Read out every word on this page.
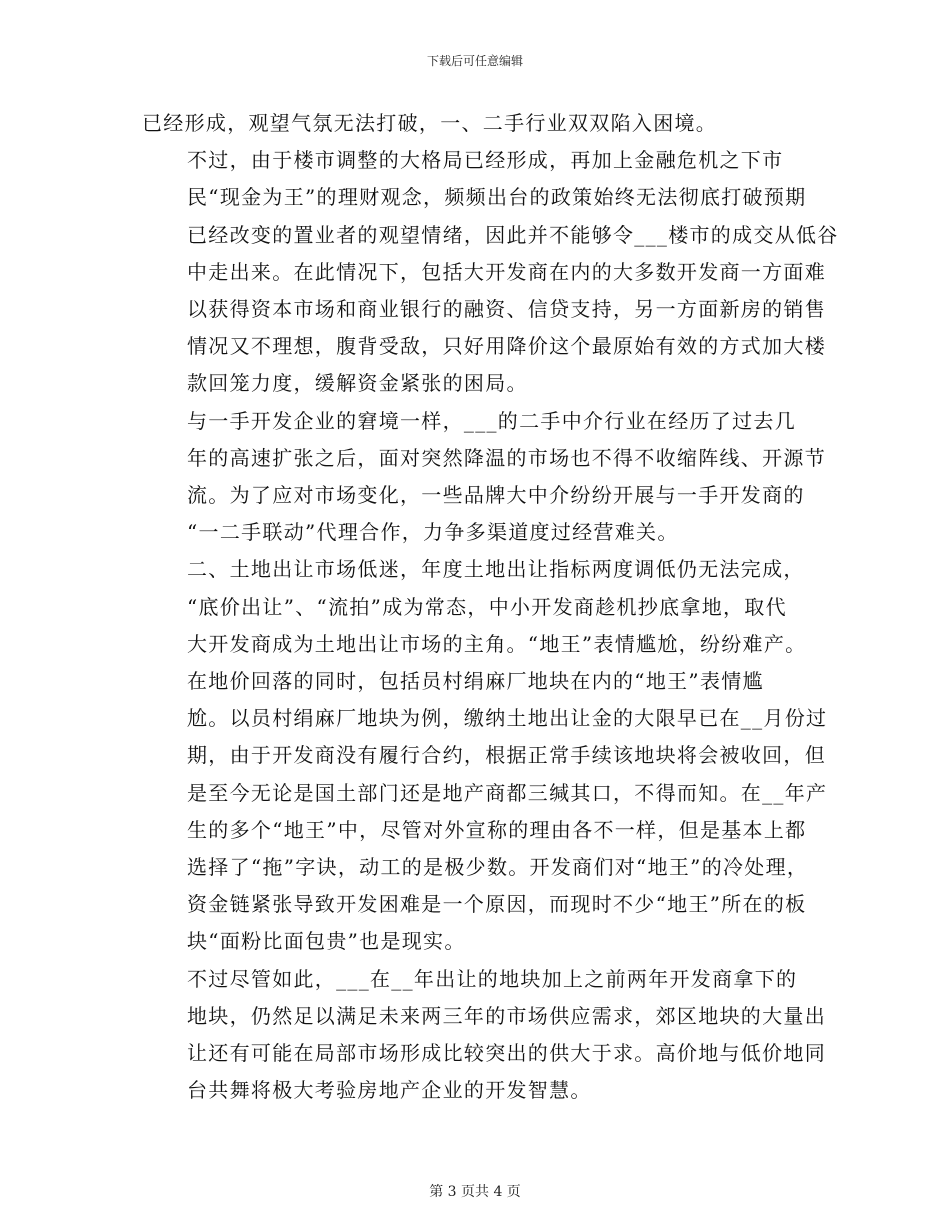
下载后可任意编辑

已经形成，观望气氛无法打破，一、二手行业双双陷入困境。

不过，由于楼市调整的大格局已经形成，再加上金融危机之下市
民“现金为王”的理财观念，频频出台的政策始终无法彻底打破预期
已经改变的置业者的观望情绪，因此并不能够令___楼市的成交从低谷
中走出来。在此情况下，包括大开发商在内的大多数开发商一方面难
以获得资本市场和商业银行的融资、信贷支持，另一方面新房的销售
情况又不理想，腹背受敌，只好用降价这个最原始有效的方式加大楼
款回笼力度，缓解资金紧张的困局。

与一手开发企业的窘境一样，___的二手中介行业在经历了过去几
年的高速扩张之后，面对突然降温的市场也不得不收缩阵线、开源节
流。为了应对市场变化，一些品牌大中介纷纷开展与一手开发商的
“一二手联动”代理合作，力争多渠道度过经营难关。

二、土地出让市场低迷，年度土地出让指标两度调低仍无法完成，
“底价出让”、“流拍”成为常态，中小开发商趁机抄底拿地，取代
大开发商成为土地出让市场的主角。“地王”表情尴尬，纷纷难产。

在地价回落的同时，包括员村绢麻厂地块在内的“地王”表情尴
尬。以员村绢麻厂地块为例，缴纳土地出让金的大限早已在__月份过
期，由于开发商没有履行合约，根据正常手续该地块将会被收回，但
是至今无论是国土部门还是地产商都三缄其口，不得而知。在__年产
生的多个“地王”中，尽管对外宣称的理由各不一样，但是基本上都
选择了“拖”字诀，动工的是极少数。开发商们对“地王”的冷处理，
资金链紧张导致开发困难是一个原因，而现时不少“地王”所在的板
块“面粉比面包贵”也是现实。

不过尽管如此，___在__年出让的地块加上之前两年开发商拿下的
地块，仍然足以满足未来两三年的市场供应需求，郊区地块的大量出
让还有可能在局部市场形成比较突出的供大于求。高价地与低价地同
台共舞将极大考验房地产企业的开发智慧。

第 3 页共 4 页
